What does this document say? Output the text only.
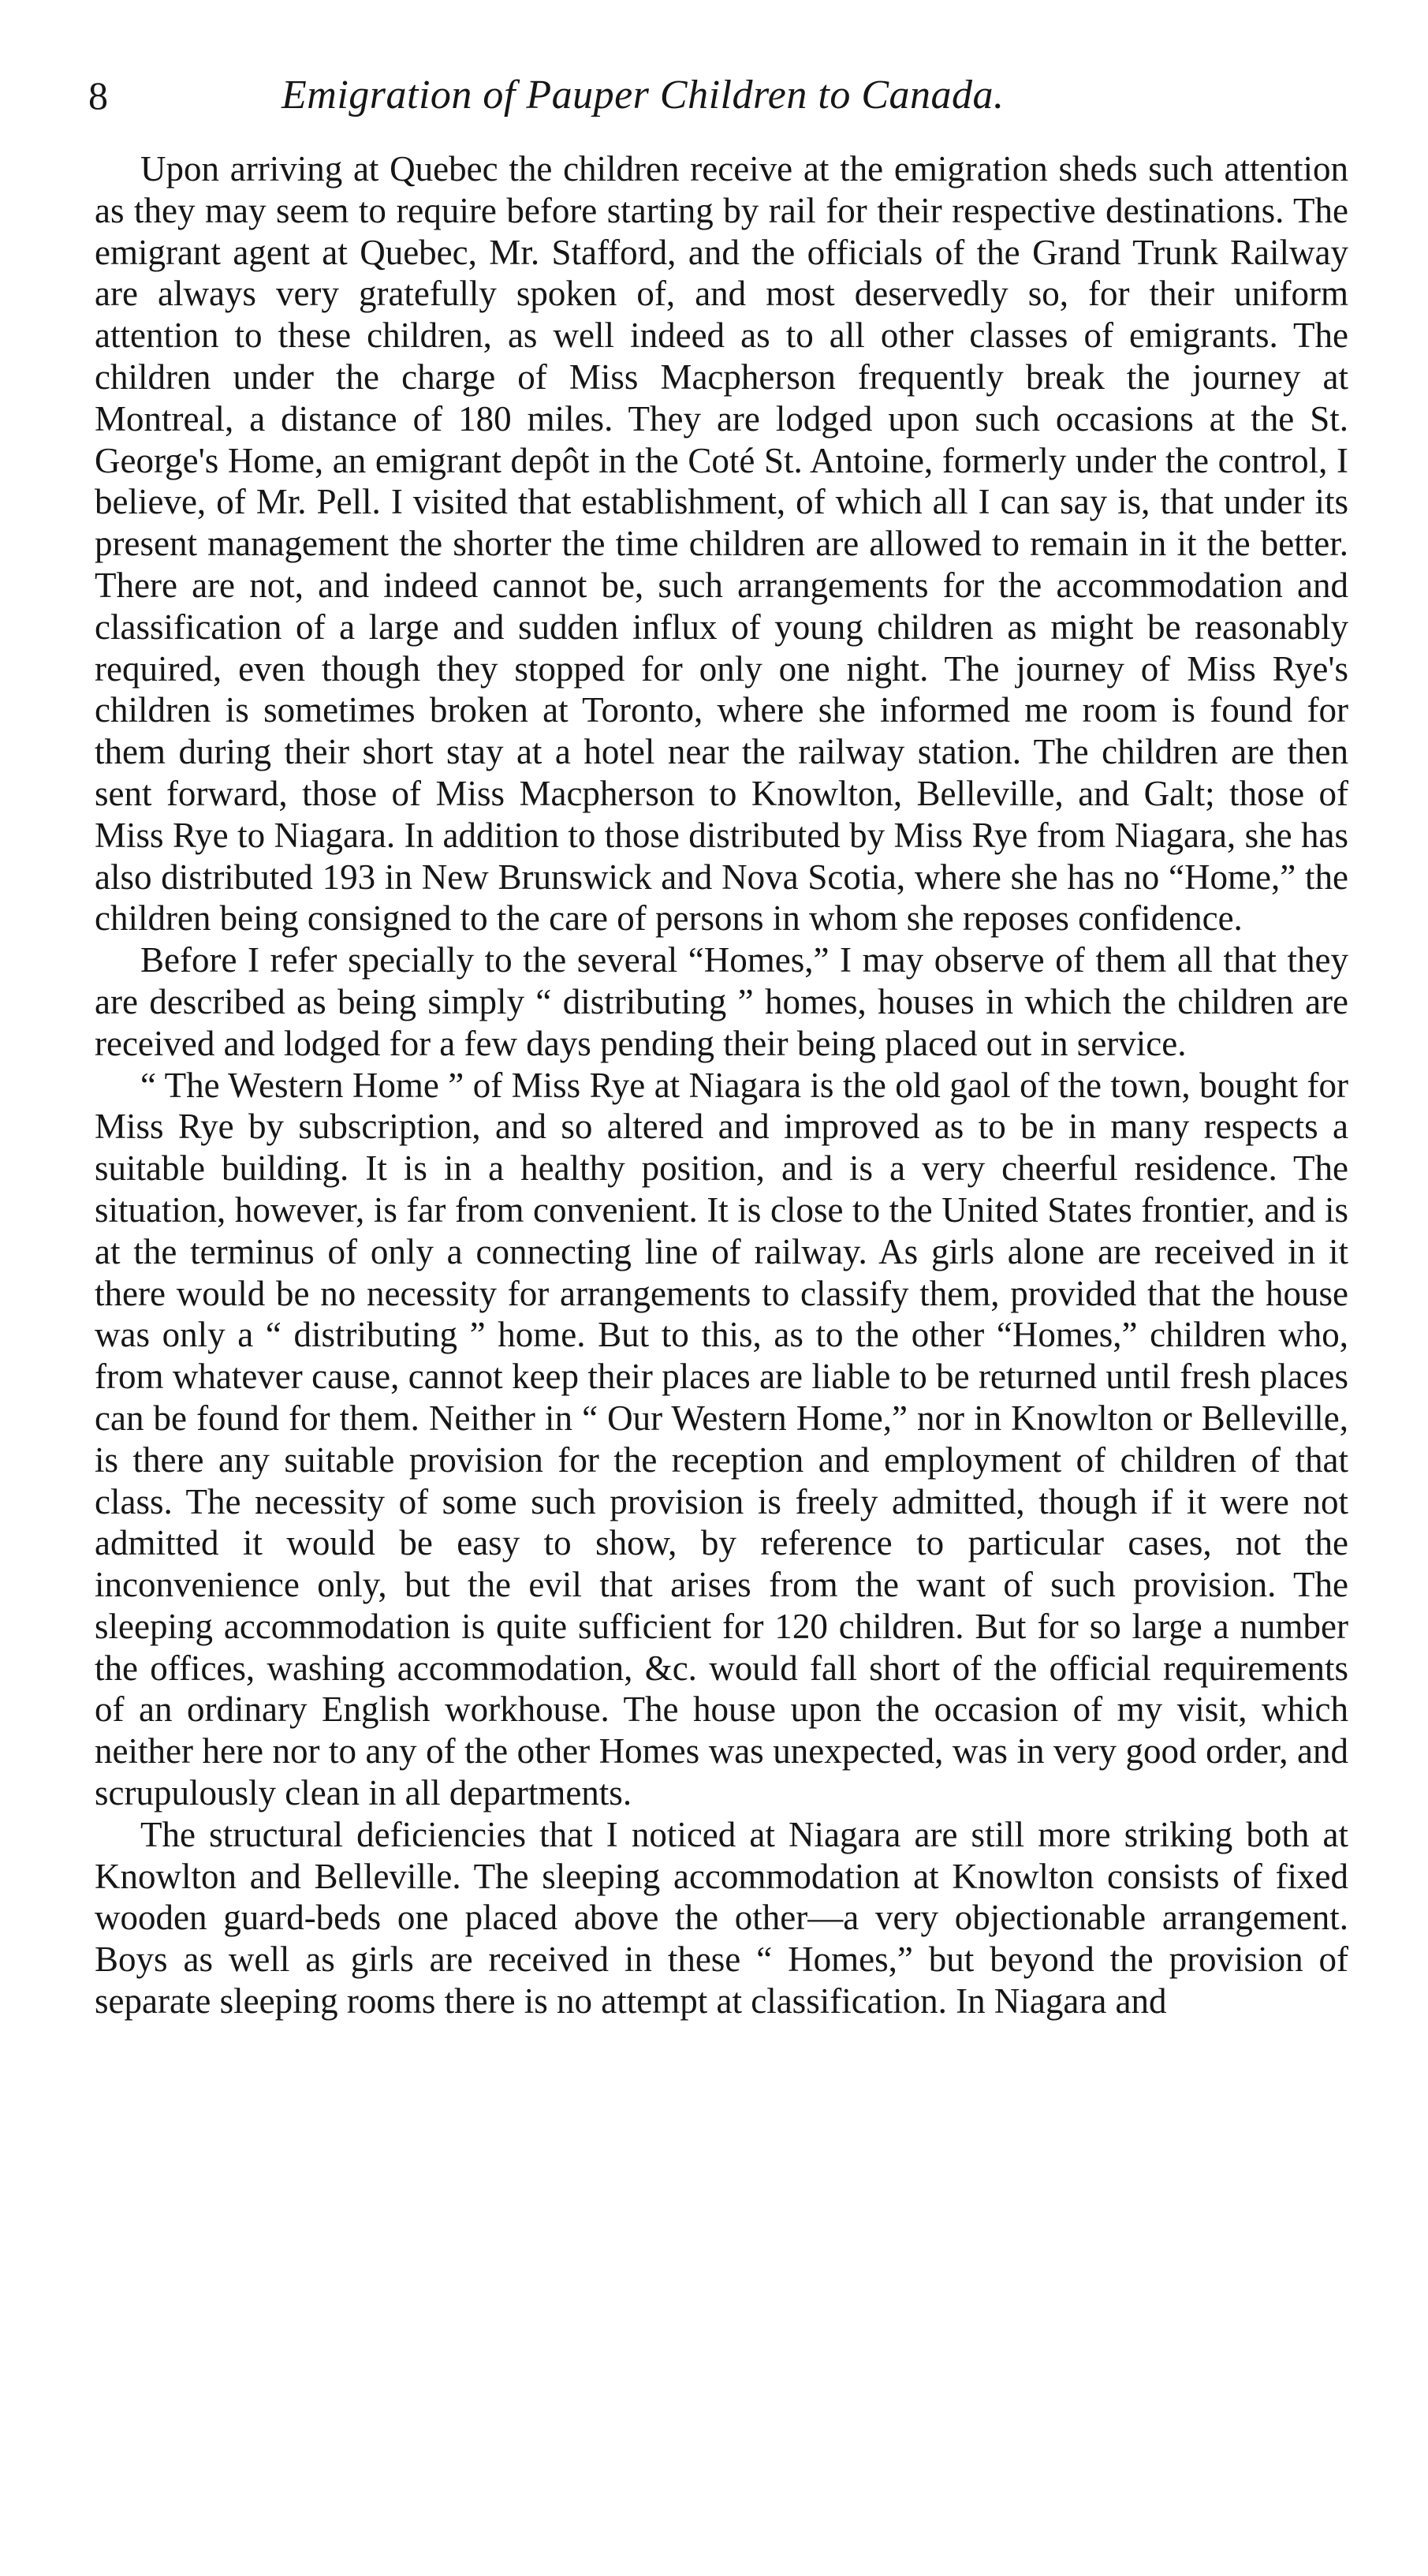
8	Emigration of Pauper Children to Canada.

Upon arriving at Quebec the children receive at the emigration sheds such attention as they may seem to require before starting by rail for their respective destinations. The emigrant agent at Quebec, Mr. Stafford, and the officials of the Grand Trunk Railway are always very gratefully spoken of, and most deservedly so, for their uniform attention to these children, as well indeed as to all other classes of emigrants. The children under the charge of Miss Macpherson frequently break the journey at Montreal, a distance of 180 miles. They are lodged upon such occasions at the St. George's Home, an emigrant depôt in the Coté St. Antoine, formerly under the control, I believe, of Mr. Pell. I visited that establishment, of which all I can say is, that under its present management the shorter the time children are allowed to remain in it the better. There are not, and indeed cannot be, such arrangements for the accommodation and classification of a large and sudden influx of young children as might be reasonably required, even though they stopped for only one night. The journey of Miss Rye's children is sometimes broken at Toronto, where she informed me room is found for them during their short stay at a hotel near the railway station. The children are then sent forward, those of Miss Macpherson to Knowlton, Belleville, and Galt; those of Miss Rye to Niagara. In addition to those distributed by Miss Rye from Niagara, she has also distributed 193 in New Brunswick and Nova Scotia, where she has no “Home,” the children being consigned to the care of persons in whom she reposes confidence.

Before I refer specially to the several “Homes,” I may observe of them all that they are described as being simply “ distributing ” homes, houses in which the children are received and lodged for a few days pending their being placed out in service.

“ The Western Home ” of Miss Rye at Niagara is the old gaol of the town, bought for Miss Rye by subscription, and so altered and improved as to be in many respects a suitable building. It is in a healthy position, and is a very cheerful residence. The situation, however, is far from convenient. It is close to the United States frontier, and is at the terminus of only a connecting line of railway. As girls alone are received in it there would be no necessity for arrangements to classify them, provided that the house was only a “ distributing ” home. But to this, as to the other “Homes,” children who, from whatever cause, cannot keep their places are liable to be returned until fresh places can be found for them. Neither in “ Our Western Home,” nor in Knowlton or Belleville, is there any suitable provision for the reception and employment of children of that class. The necessity of some such provision is freely admitted, though if it were not admitted it would be easy to show, by reference to particular cases, not the inconvenience only, but the evil that arises from the want of such provision. The sleeping accommodation is quite sufficient for 120 children. But for so large a number the offices, washing accommodation, &c. would fall short of the official requirements of an ordinary English workhouse. The house upon the occasion of my visit, which neither here nor to any of the other Homes was unexpected, was in very good order, and scrupulously clean in all departments.

The structural deficiencies that I noticed at Niagara are still more striking both at Knowlton and Belleville. The sleeping accommodation at Knowlton consists of fixed wooden guard-beds one placed above the other—a very objectionable arrangement. Boys as well as girls are received in these “ Homes,” but beyond the provision of separate sleeping rooms there is no attempt at classification. In Niagara and
